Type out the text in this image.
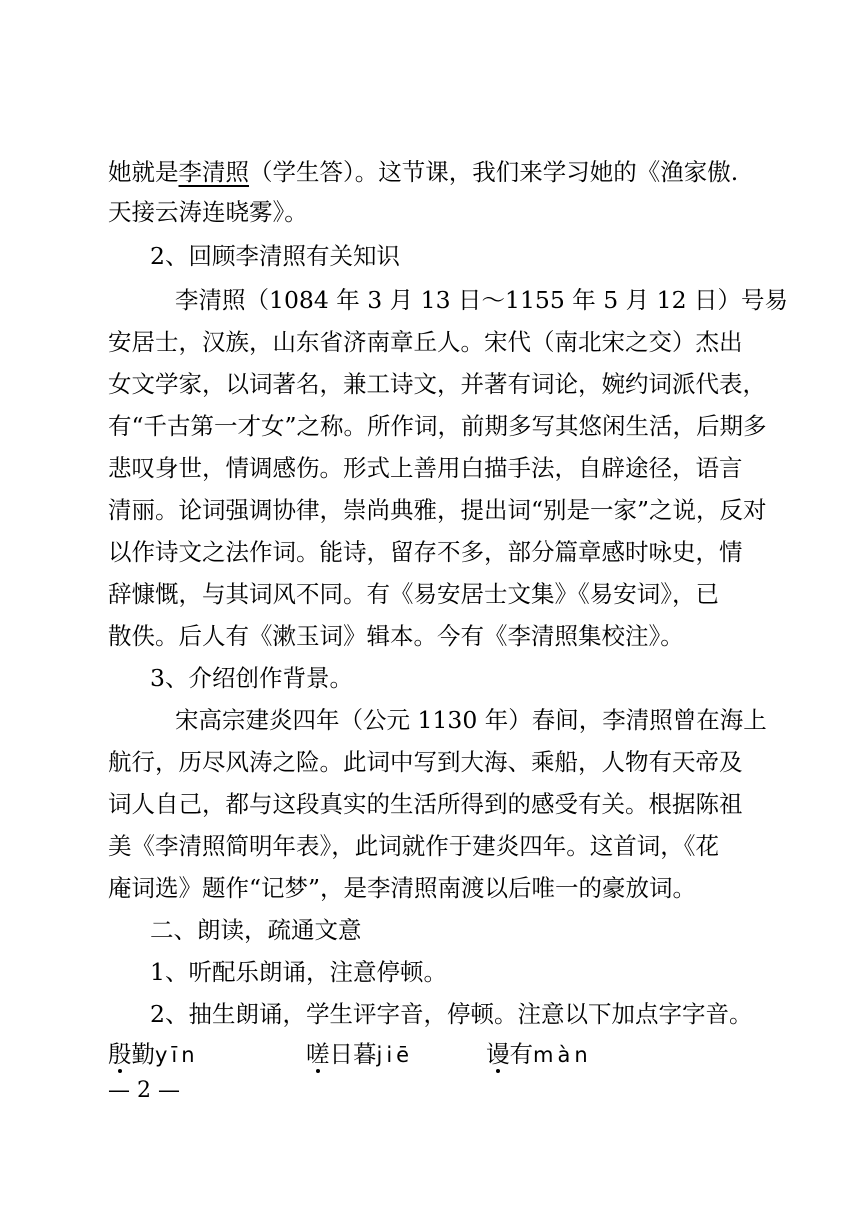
她就是李清照（学生答）。这节课，我们来学习她的《渔家傲.
天接云涛连晓雾》。
2、回顾李清照有关知识
李清照（1084 年 3 月 13 日～1155 年 5 月 12 日）号易
安居士，汉族，山东省济南章丘人。宋代（南北宋之交）杰出
女文学家，以词著名，兼工诗文，并著有词论，婉约词派代表，
有“千古第一才女”之称。所作词，前期多写其悠闲生活，后期多
悲叹身世，情调感伤。形式上善用白描手法，自辟途径，语言
清丽。论词强调协律，崇尚典雅，提出词“别是一家”之说，反对
以作诗文之法作词。能诗，留存不多，部分篇章感时咏史，情
辞慷慨，与其词风不同。有《易安居士文集》《易安词》，已
散佚。后人有《漱玉词》辑本。今有《李清照集校注》。
3、介绍创作背景。
宋高宗建炎四年（公元 1130 年）春间，李清照曾在海上
航行，历尽风涛之险。此词中写到大海、乘船，人物有天帝及
词人自己，都与这段真实的生活所得到的感受有关。根据陈祖
美《李清照简明年表》，此词就作于建炎四年。这首词，《花
庵词选》题作“记梦”，是李清照南渡以后唯一的豪放词。
二、朗读，疏通文意
1、听配乐朗诵，注意停顿。
2、抽生朗诵，学生评字音，停顿。注意以下加点字字音。
殷勤yīn	嗟日暮jiē	谩有màn
— 2 —
